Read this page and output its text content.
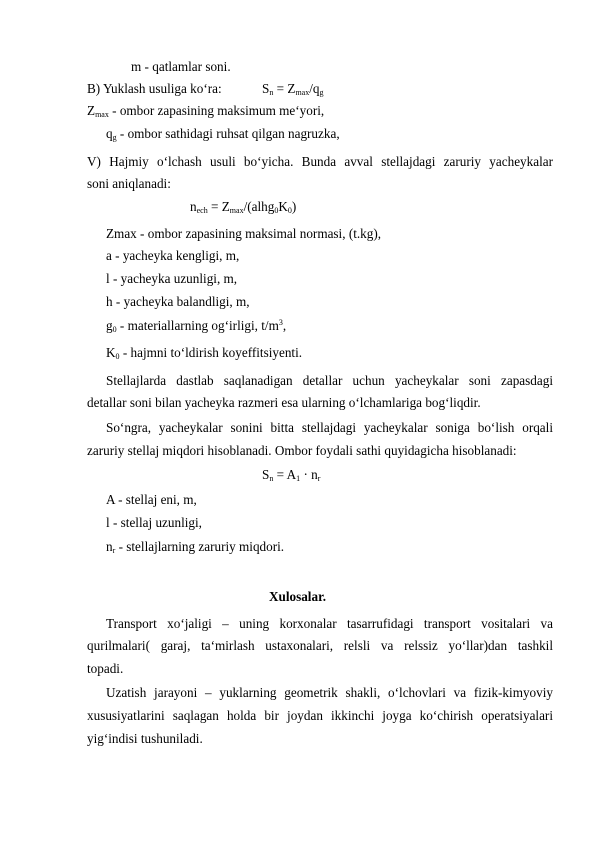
m - qatlamlar soni.
B) Yuklash usuliga ko‘ra:	$S_n = Z_{max}/q_g$
$Z_{max}$ - ombor zapasining maksimum me‘yori,
$q_g$ - ombor sathidagi ruhsat qilgan nagruzka,
V) Hajmiy o‘lchash usuli bo‘yicha. Bunda avval stellajdagi zaruriy yacheykalar
soni aniqlanadi:
$n_{ech}$ = $Z_{max}/(alhg_0K_0)$
Zmax - ombor zapasining maksimal normasi, (t.kg),
a - yacheyka kengligi, m,
l - yacheyka uzunligi, m,
h - yacheyka balandligi, m,
$g_0$ - materiallarning og‘irligi, $t/m^3$,
$K_0$ - hajmni to‘ldirish koyeffitsiyenti.
Stellajlarda dastlab saqlanadigan detallar uchun yacheykalar soni zapasdagi
detallar soni bilan yacheyka razmeri esa ularning o‘lchamlariga bog‘liqdir.
So‘ngra, yacheykalar sonini bitta stellajdagi yacheykalar soniga bo‘lish orqali
zaruriy stellaj miqdori hisoblanadi. Ombor foydali sathi quyidagicha hisoblanadi:
$S_n = A_1 \cdot n_r$
A - stellaj eni, m,
l - stellaj uzunligi,
$n_r$ - stellajlarning zaruriy miqdori.
Xulosalar.
Transport xo‘jaligi – uning korxonalar tasarrufidagi transport vositalari va
qurilmalari( garaj, ta‘mirlash ustaxonalari, relsli va relssiz yo‘llar)dan tashkil
topadi.
Uzatish jarayoni – yuklarning geometrik shakli, o‘lchovlari va fizik-kimyoviy
xususiyatlarini saqlagan holda bir joydan ikkinchi joyga ko‘chirish operatsiyalari
yig‘indisi tushuniladi.
